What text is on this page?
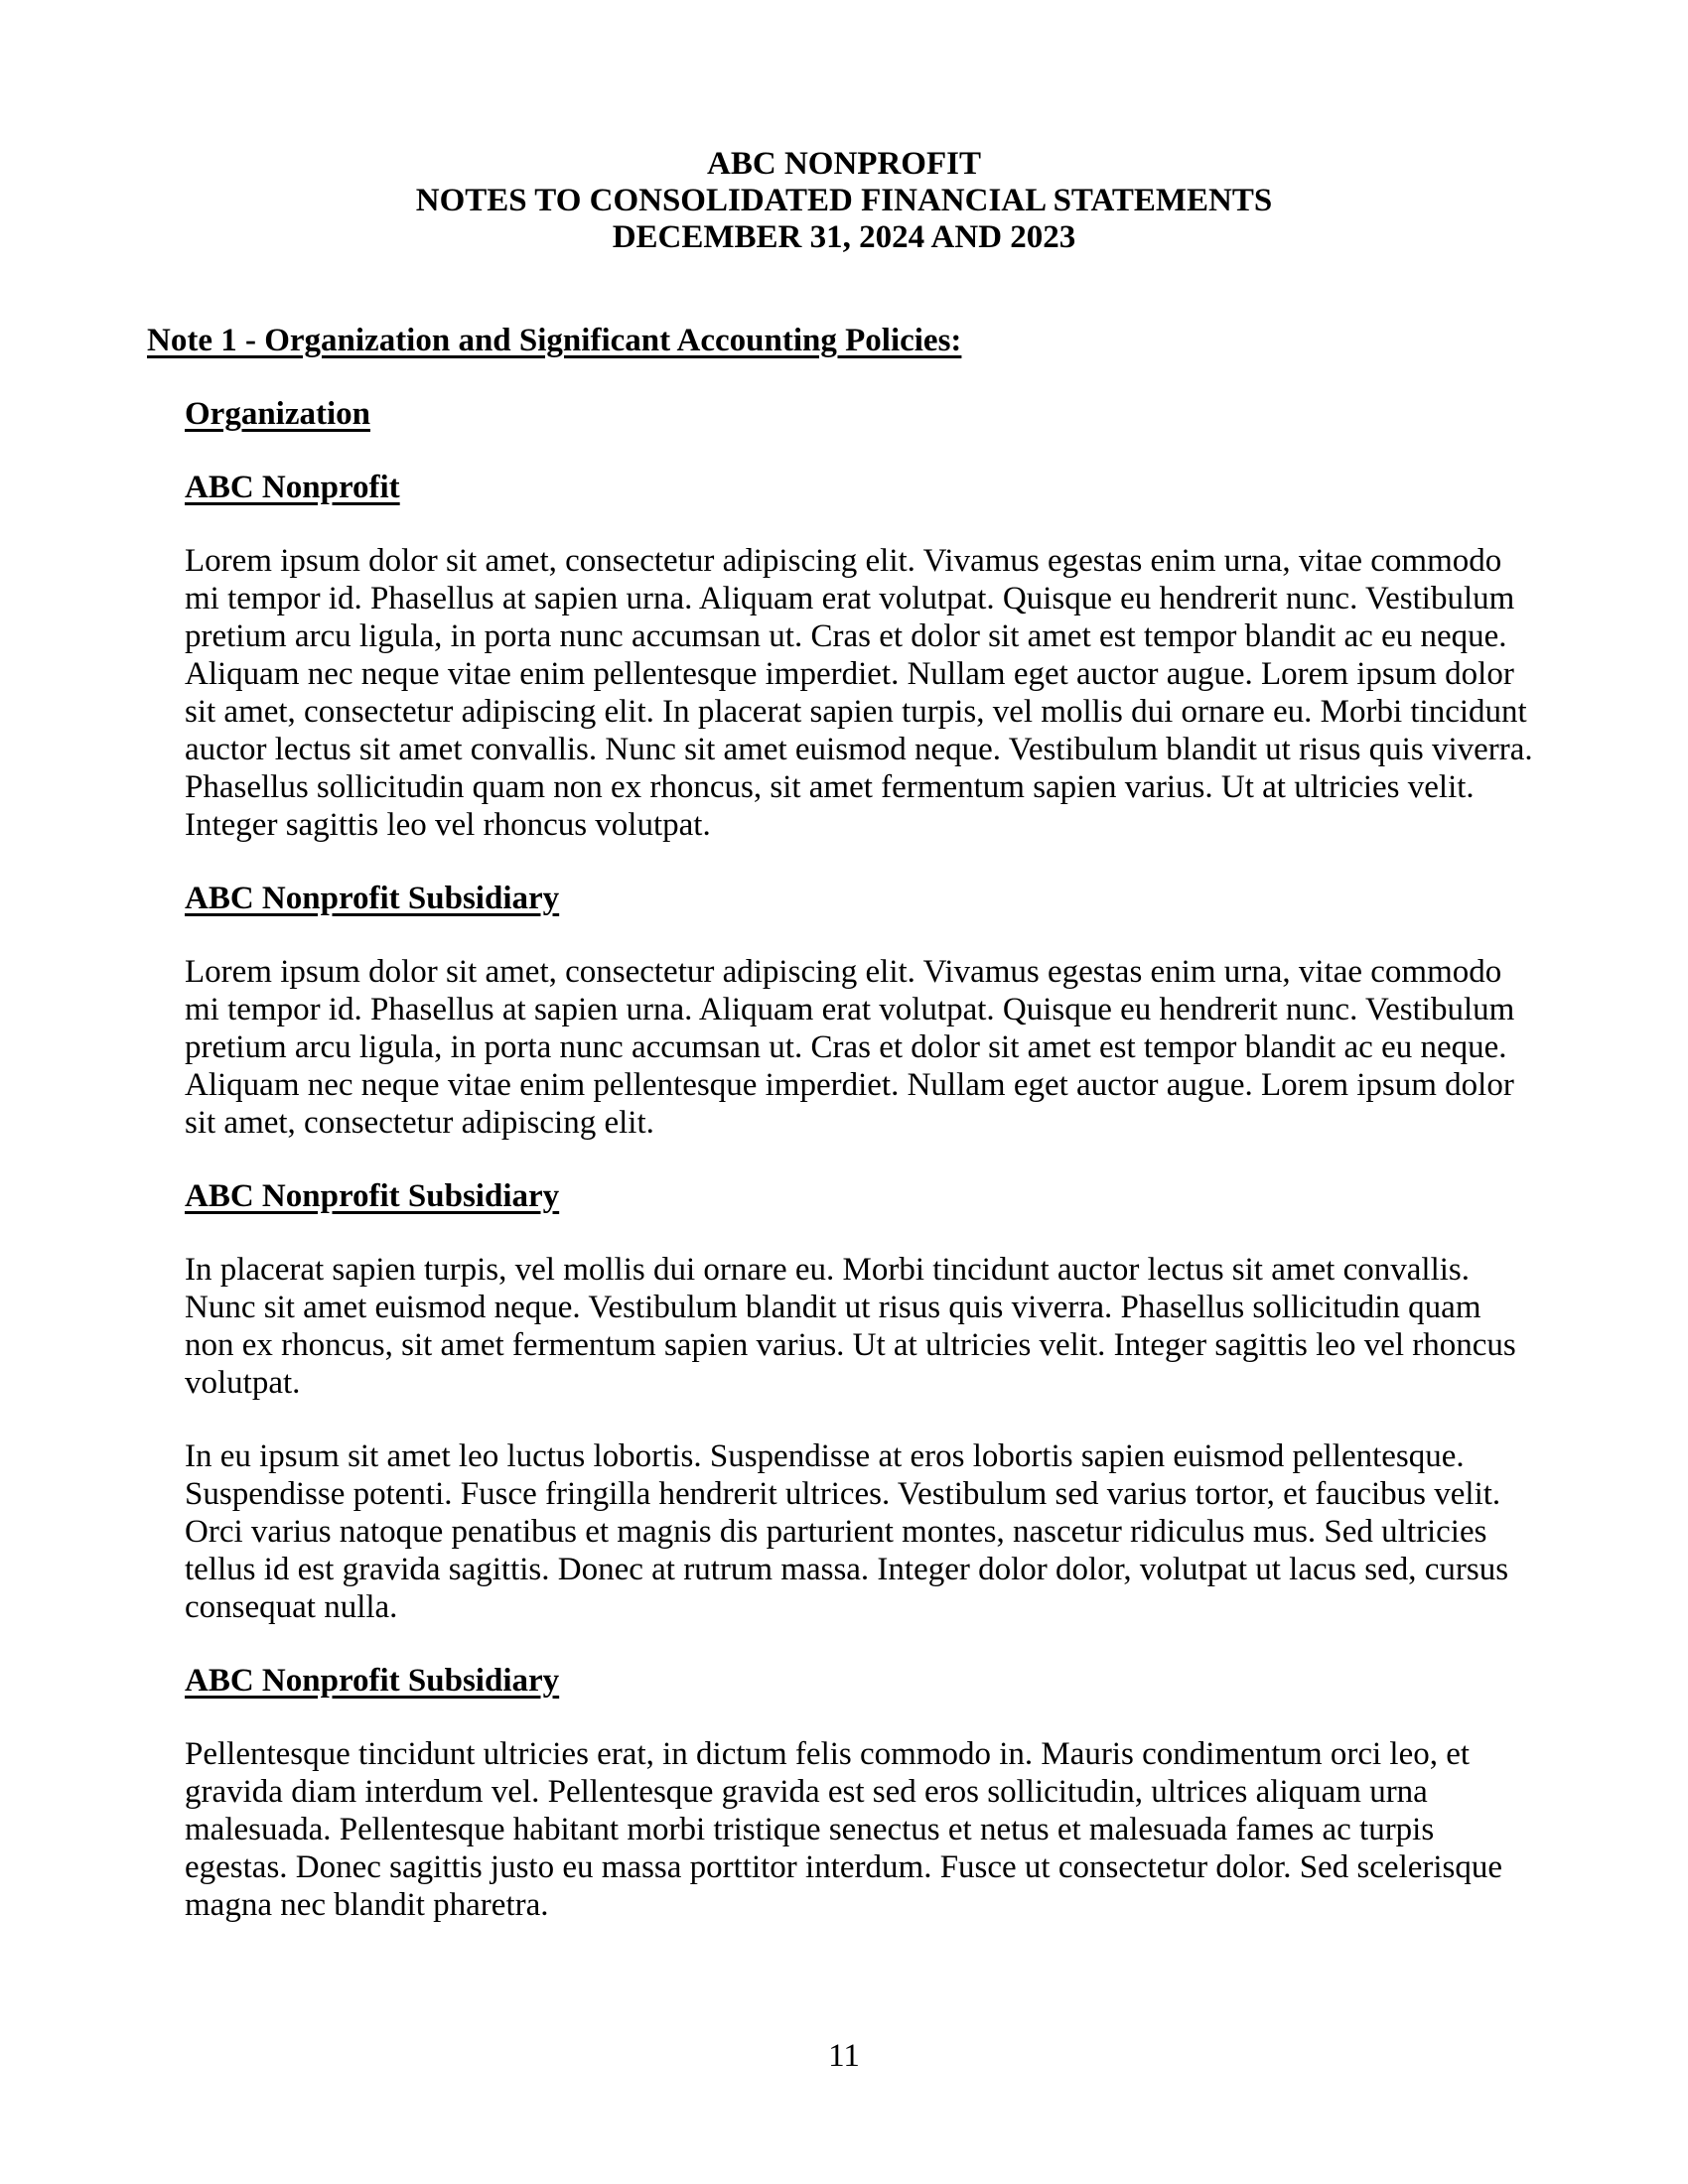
ABC NONPROFIT
NOTES TO CONSOLIDATED FINANCIAL STATEMENTS
DECEMBER 31, 2024 AND 2023
Note 1 - Organization and Significant Accounting Policies:
Organization
ABC Nonprofit

Lorem ipsum dolor sit amet, consectetur adipiscing elit. Vivamus egestas enim urna, vitae commodo mi tempor id. Phasellus at sapien urna. Aliquam erat volutpat. Quisque eu hendrerit nunc. Vestibulum pretium arcu ligula, in porta nunc accumsan ut. Cras et dolor sit amet est tempor blandit ac eu neque. Aliquam nec neque vitae enim pellentesque imperdiet. Nullam eget auctor augue. Lorem ipsum dolor sit amet, consectetur adipiscing elit. In placerat sapien turpis, vel mollis dui ornare eu. Morbi tincidunt auctor lectus sit amet convallis. Nunc sit amet euismod neque. Vestibulum blandit ut risus quis viverra. Phasellus sollicitudin quam non ex rhoncus, sit amet fermentum sapien varius. Ut at ultricies velit. Integer sagittis leo vel rhoncus volutpat.

ABC Nonprofit Subsidiary

Lorem ipsum dolor sit amet, consectetur adipiscing elit. Vivamus egestas enim urna, vitae commodo mi tempor id. Phasellus at sapien urna. Aliquam erat volutpat. Quisque eu hendrerit nunc. Vestibulum pretium arcu ligula, in porta nunc accumsan ut. Cras et dolor sit amet est tempor blandit ac eu neque. Aliquam nec neque vitae enim pellentesque imperdiet. Nullam eget auctor augue. Lorem ipsum dolor sit amet, consectetur adipiscing elit.

ABC Nonprofit Subsidiary

In placerat sapien turpis, vel mollis dui ornare eu. Morbi tincidunt auctor lectus sit amet convallis. Nunc sit amet euismod neque. Vestibulum blandit ut risus quis viverra. Phasellus sollicitudin quam non ex rhoncus, sit amet fermentum sapien varius. Ut at ultricies velit. Integer sagittis leo vel rhoncus volutpat.

In eu ipsum sit amet leo luctus lobortis. Suspendisse at eros lobortis sapien euismod pellentesque. Suspendisse potenti. Fusce fringilla hendrerit ultrices. Vestibulum sed varius tortor, et faucibus velit. Orci varius natoque penatibus et magnis dis parturient montes, nascetur ridiculus mus. Sed ultricies tellus id est gravida sagittis. Donec at rutrum massa. Integer dolor dolor, volutpat ut lacus sed, cursus consequat nulla.

ABC Nonprofit Subsidiary

Pellentesque tincidunt ultricies erat, in dictum felis commodo in. Mauris condimentum orci leo, et gravida diam interdum vel. Pellentesque gravida est sed eros sollicitudin, ultrices aliquam urna malesuada. Pellentesque habitant morbi tristique senectus et netus et malesuada fames ac turpis egestas. Donec sagittis justo eu massa porttitor interdum. Fusce ut consectetur dolor. Sed scelerisque magna nec blandit pharetra.

11
